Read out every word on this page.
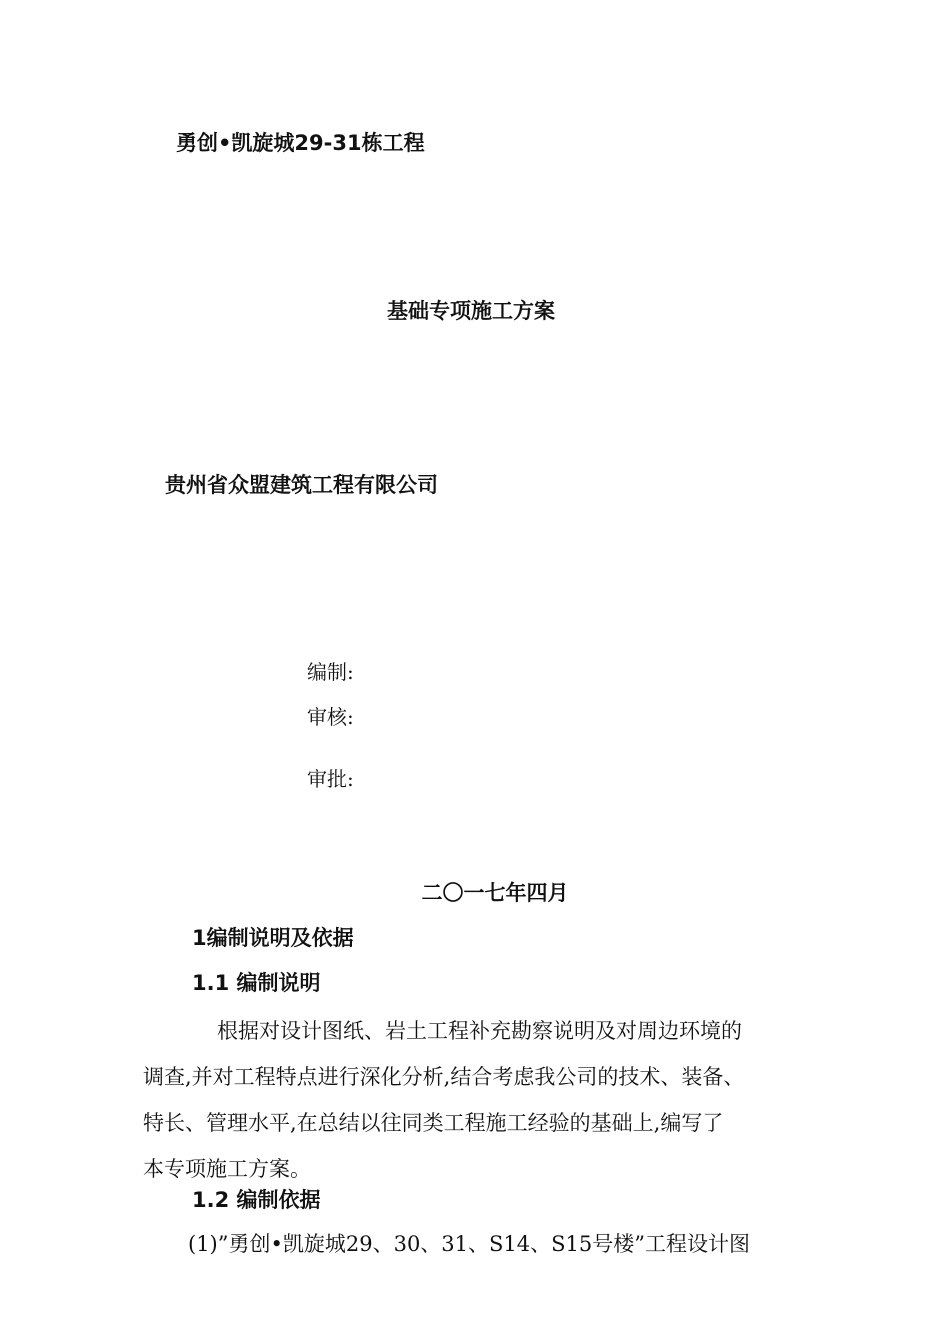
勇创•凯旋城29-31栋工程
基础专项施工方案
贵州省众盟建筑工程有限公司
编制:
审核:
审批:
二〇一七年四月
1编制说明及依据
1.1 编制说明

根据对设计图纸、岩土工程补充勘察说明及对周边环境的
调查,并对工程特点进行深化分析,结合考虑我公司的技术、装备、
特长、管理水平,在总结以往同类工程施工经验的基础上,编写了
本专项施工方案。

1.2 编制依据
(1)”勇创•凯旋城29、30、31、S14、S15号楼”工程设计图
